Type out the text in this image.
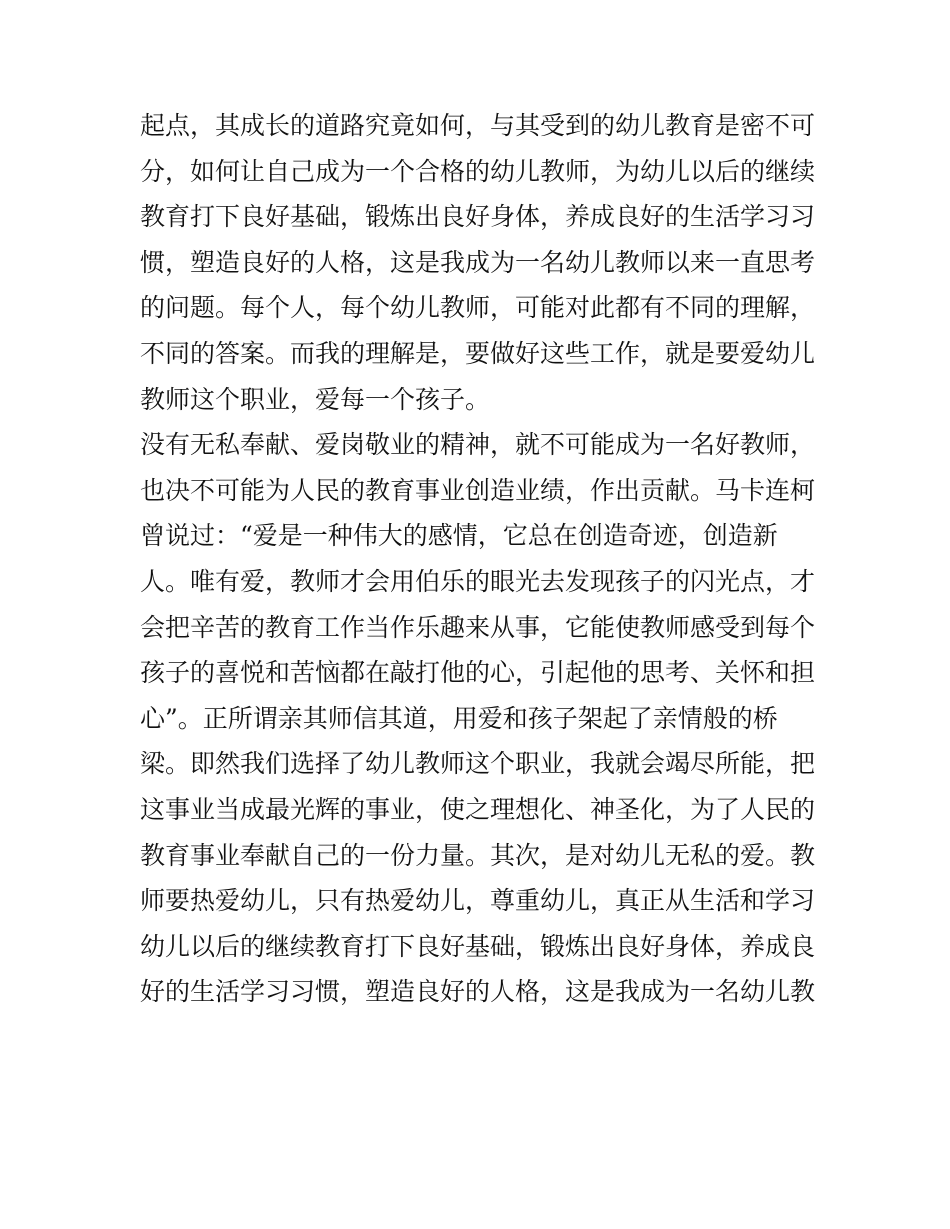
起点，其成长的道路究竟如何，与其受到的幼儿教育是密不可
分，如何让自己成为一个合格的幼儿教师，为幼儿以后的继续
教育打下良好基础，锻炼出良好身体，养成良好的生活学习习
惯，塑造良好的人格，这是我成为一名幼儿教师以来一直思考
的问题。每个人，每个幼儿教师，可能对此都有不同的理解，
不同的答案。而我的理解是，要做好这些工作，就是要爱幼儿
教师这个职业，爱每一个孩子。
没有无私奉献、爱岗敬业的精神，就不可能成为一名好教师，
也决不可能为人民的教育事业创造业绩，作出贡献。马卡连柯
曾说过：“爱是一种伟大的感情，它总在创造奇迹，创造新
人。唯有爱，教师才会用伯乐的眼光去发现孩子的闪光点，才
会把辛苦的教育工作当作乐趣来从事，它能使教师感受到每个
孩子的喜悦和苦恼都在敲打他的心，引起他的思考、关怀和担
心”。正所谓亲其师信其道，用爱和孩子架起了亲情般的桥
梁。即然我们选择了幼儿教师这个职业，我就会竭尽所能，把
这事业当成最光辉的事业，使之理想化、神圣化，为了人民的
教育事业奉献自己的一份力量。其次，是对幼儿无私的爱。教
师要热爱幼儿，只有热爱幼儿，尊重幼儿，真正从生活和学习
幼儿以后的继续教育打下良好基础，锻炼出良好身体，养成良
好的生活学习习惯，塑造良好的人格，这是我成为一名幼儿教
